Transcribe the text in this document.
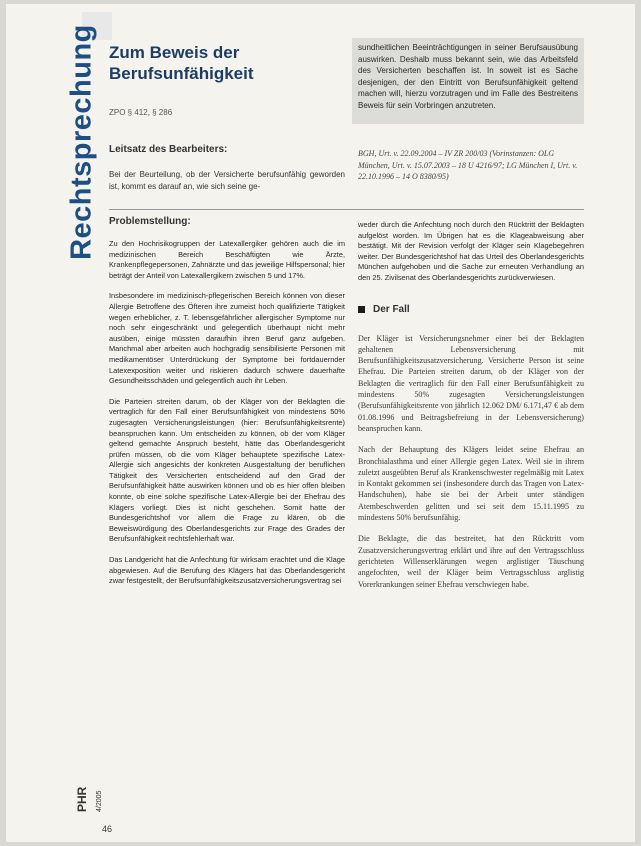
Rechtsprechung Zum Beweis der Berufsunfähigkeit
ZPO § 412, § 286
Leitsatz des Bearbeiters:
Bei der Beurteilung, ob der Versicherte berufsunfähig geworden ist, kommt es darauf an, wie sich seine ge-
sundheitlichen Beeinträchtigungen in seiner Berufsausübung auswirken. Deshalb muss bekannt sein, wie das Arbeitsfeld des Versicherten beschaffen ist. In soweit ist es Sache desjenigen, der den Eintritt von Berufsunfähigkeit geltend machen will, hierzu vorzutragen und im Falle des Bestreitens Beweis für sein Vorbringen anzutreten.
BGH, Urt. v. 22.09.2004 – IV ZR 200/03 (Vorinstanzen: OLG München, Urt. v. 15.07.2003 – 18 U 4216/97; LG München I, Urt. v. 22.10.1996 – 14 O 8380/95)

Problemstellung:

Zu den Hochrisikogruppen der Latexallergiker gehören auch die im medizinischen Bereich Beschäftigten wie Ärzte, Krankenpflegepersonen, Zahnärzte und das jeweilige Hilfspersonal; hier beträgt der Anteil von Latexallergikern zwischen 5 und 17%.

Insbesondere im medizinisch-pflegerischen Bereich können von dieser Allergie Betroffene des Öfteren ihre zumeist hoch qualifizierte Tätigkeit wegen erheblicher, z. T. lebensgefährlicher allergischer Symptome nur noch sehr eingeschränkt und gelegentlich überhaupt nicht mehr ausüben, einige müssten daraufhin ihren Beruf ganz aufgeben. Manchmal aber arbeiten auch hochgradig sensibilisierte Personen mit medikamentöser Unterdrückung der Symptome bei fortdauernder Latexexposition weiter und riskieren dadurch schwere dauerhafte Gesundheitsschäden und gelegentlich auch ihr Leben.

Die Parteien streiten darum, ob der Kläger von der Beklagten die vertraglich für den Fall einer Berufsunfähigkeit von mindestens 50% zugesagten Versicherungsleistungen (hier: Berufsunfähigkeitsrente) beanspruchen kann. Um entscheiden zu können, ob der vom Kläger geltend gemachte Anspruch besteht, hätte das Oberlandesgericht prüfen müssen, ob die vom Kläger behauptete spezifische Latex-Allergie sich angesichts der konkreten Ausgestaltung der beruflichen Tätigkeit des Versicherten entscheidend auf den Grad der Berufsunfähigkeit hätte auswirken können und ob es hier offen bleiben konnte, ob eine solche spezifische Latex-Allergie bei der Ehefrau des Klägers vorliegt. Dies ist nicht geschehen. Somit hatte der Bundesgerichtshof vor allem die Frage zu klären, ob die Beweiswürdigung des Oberlandesgerichts zur Frage des Grades der Berufsunfähigkeit rechtsfehlerhaft war.

Das Landgericht hat die Anfechtung für wirksam erachtet und die Klage abgewiesen. Auf die Berufung des Klägers hat das Oberlandesgericht zwar festgestellt, der Berufsunfähigkeitszusatzversicherungsvertrag sei

weder durch die Anfechtung noch durch den Rücktritt der Beklagten aufgelöst worden. Im Übrigen hat es die Klageabweisung aber bestätigt. Mit der Revision verfolgt der Kläger sein Klagebegehren weiter. Der Bundesgerichtshof hat das Urteil des Oberlandesgerichts München aufgehoben und die Sache zur erneuten Verhandlung an den 25. Zivilsenat des Oberlandesgerichts zurückverwiesen.

Der Fall

Der Kläger ist Versicherungsnehmer einer bei der Beklagten gehaltenen Lebensversicherung mit Berufsunfähigkeitszusatzversicherung. Versicherte Person ist seine Ehefrau. Die Parteien streiten darum, ob der Kläger von der Beklagten die vertraglich für den Fall einer Berufsunfähigkeit zu mindestens 50% zugesagten Versicherungsleistungen (Berufsunfähigkeitsrente von jährlich 12.062 DM/ 6.171,47 € ab dem 01.08.1996 und Beitragsbefreiung in der Lebensversicherung) beanspruchen kann.

Nach der Behauptung des Klägers leidet seine Ehefrau an Bronchialasthma und einer Allergie gegen Latex. Weil sie in ihrem zuletzt ausgeübten Beruf als Krankenschwester regelmäßig mit Latex in Kontakt gekommen sei (insbesondere durch das Tragen von Latex-Handschuhen), habe sie bei der Arbeit unter ständigen Atembeschwerden gelitten und sei seit dem 15.11.1995 zu mindestens 50% berufsunfähig.

Die Beklagte, die das bestreitet, hat den Rücktritt vom Zusatzversicherungsvertrag erklärt und ihre auf den Vertragsschluss gerichteten Willenserklärungen wegen arglistiger Täuschung angefochten, weil der Kläger beim Vertragsschluss arglistig Vorerkrankungen seiner Ehefrau verschwiegen habe.

PHR 4/2005
46
